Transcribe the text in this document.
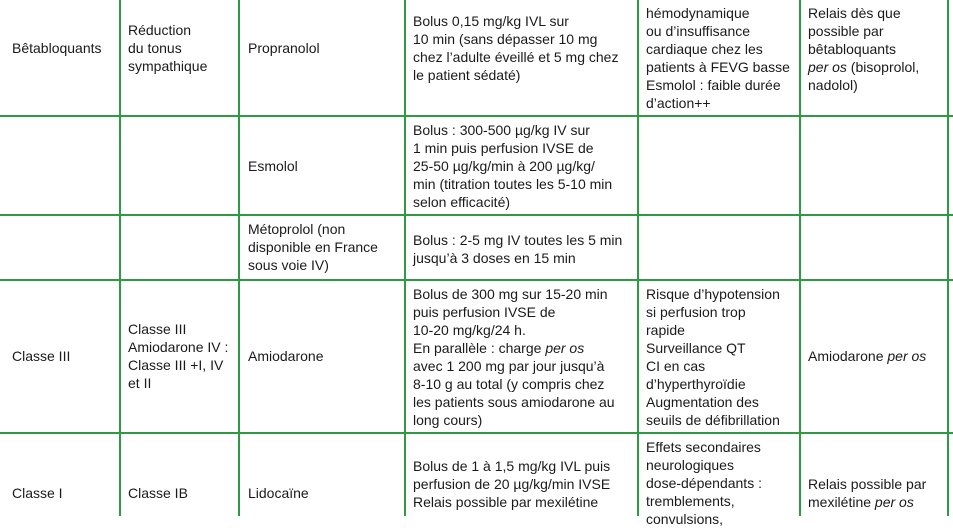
Bêtabloquants
Réduction
du tonus
sympathique
Propranolol
Bolus 0,15 mg/kg IVL sur
10 min (sans dépasser 10 mg
chez l’adulte éveillé et 5 mg chez
le patient sédaté)
hémodynamique
ou d’insuffisance
cardiaque chez les
patients à FEVG basse
Esmolol : faible durée
d’action++
Relais dès que
possible par
bêtabloquants
per os (bisoprolol,
nadolol)
Esmolol
Bolus : 300-500 µg/kg IV sur
1 min puis perfusion IVSE de
25-50 µg/kg/min à 200 µg/kg/
min (titration toutes les 5-10 min
selon efficacité)
Métoprolol (non
disponible en France
sous voie IV)
Bolus : 2-5 mg IV toutes les 5 min
jusqu’à 3 doses en 15 min
Classe III
Classe III
Amiodarone IV :
Classe III +I, IV
et II
Amiodarone
Bolus de 300 mg sur 15-20 min
puis perfusion IVSE de
10-20 mg/kg/24 h.
En parallèle : charge per os
avec 1 200 mg par jour jusqu’à
8-10 g au total (y compris chez
les patients sous amiodarone au
long cours)
Risque d’hypotension
si perfusion trop
rapide
Surveillance QT
CI en cas
d’hyperthyroïdie
Augmentation des
seuils de défibrillation
Amiodarone per os
Classe I	Classe IB	Lidocaïne
Bolus de 1 à 1,5 mg/kg IVL puis
perfusion de 20 µg/kg/min IVSE
Relais possible par mexilétine
Effets secondaires
neurologiques
dose-dépendants :
tremblements,
convulsions,
Relais possible par
mexilétine per os
